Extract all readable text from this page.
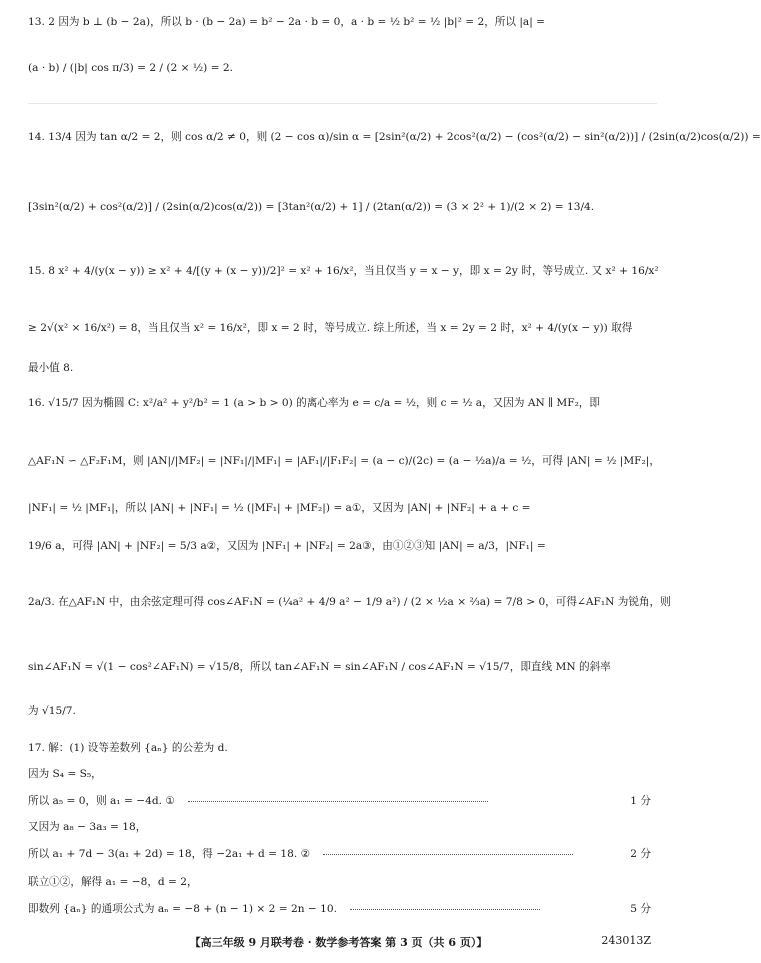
13. 2 因为 b ⊥ (b − 2a)，所以 b · (b − 2a) = b² − 2a · b = 0，a · b = ½ b² = ½ |b|² = 2，所以 |a| =
(a · b) / (|b| cos π/3) = 2 / (2 × ½) = 2.
14. 13/4 因为 tan α/2 = 2，则 cos α/2 ≠ 0，则 (2 − cos α)/sin α = [2sin²(α/2) + 2cos²(α/2) − (cos²(α/2) − sin²(α/2))] / (2sin(α/2)cos(α/2)) =
[3sin²(α/2) + cos²(α/2)] / (2sin(α/2)cos(α/2)) = [3tan²(α/2) + 1] / (2tan(α/2)) = (3 × 2² + 1)/(2 × 2) = 13/4.
15. 8 x² + 4/(y(x − y)) ≥ x² + 4/[(y + (x − y))/2]² = x² + 16/x²，当且仅当 y = x − y，即 x = 2y 时，等号成立. 又 x² + 16/x²
≥ 2√(x² × 16/x²) = 8，当且仅当 x² = 16/x²，即 x = 2 时，等号成立. 综上所述，当 x = 2y = 2 时，x² + 4/(y(x − y)) 取得
最小值 8.
16. √15/7 因为椭圆 C: x²/a² + y²/b² = 1 (a > b > 0) 的离心率为 e = c/a = ½，则 c = ½ a，又因为 AN ∥ MF₂，即
△AF₁N ∽ △F₂F₁M，则 |AN|/|MF₂| = |NF₁|/|MF₁| = |AF₁|/|F₁F₂| = (a − c)/(2c) = (a − ½a)/a = ½，可得 |AN| = ½ |MF₂|，
|NF₁| = ½ |MF₁|，所以 |AN| + |NF₁| = ½ (|MF₁| + |MF₂|) = a①，又因为 |AN| + |NF₂| + a + c =
19/6 a，可得 |AN| + |NF₂| = 5/3 a②，又因为 |NF₁| + |NF₂| = 2a③，由①②③知 |AN| = a/3，|NF₁| =
2a/3. 在△AF₁N 中，由余弦定理可得 cos∠AF₁N = (¼a² + 4/9 a² − 1/9 a²) / (2 × ½a × ⅔a) = 7/8 > 0，可得∠AF₁N 为锐角，则
sin∠AF₁N = √(1 − cos²∠AF₁N) = √15/8，所以 tan∠AF₁N = sin∠AF₁N / cos∠AF₁N = √15/7，即直线 MN 的斜率
为 √15/7.
17. 解：(1) 设等差数列 {aₙ} 的公差为 d.
因为 S₄ = S₅，
所以 a₅ = 0，则 a₁ = −4d. ①	1 分
又因为 a₈ − 3a₃ = 18，
所以 a₁ + 7d − 3(a₁ + 2d) = 18，得 −2a₁ + d = 18. ②	2 分
联立①②，解得 a₁ = −8，d = 2，
即数列 {aₙ} 的通项公式为 aₙ = −8 + (n − 1) × 2 = 2n − 10.	5 分
【高三年级 9 月联考卷 · 数学参考答案 第 3 页（共 6 页）】	243013Z
